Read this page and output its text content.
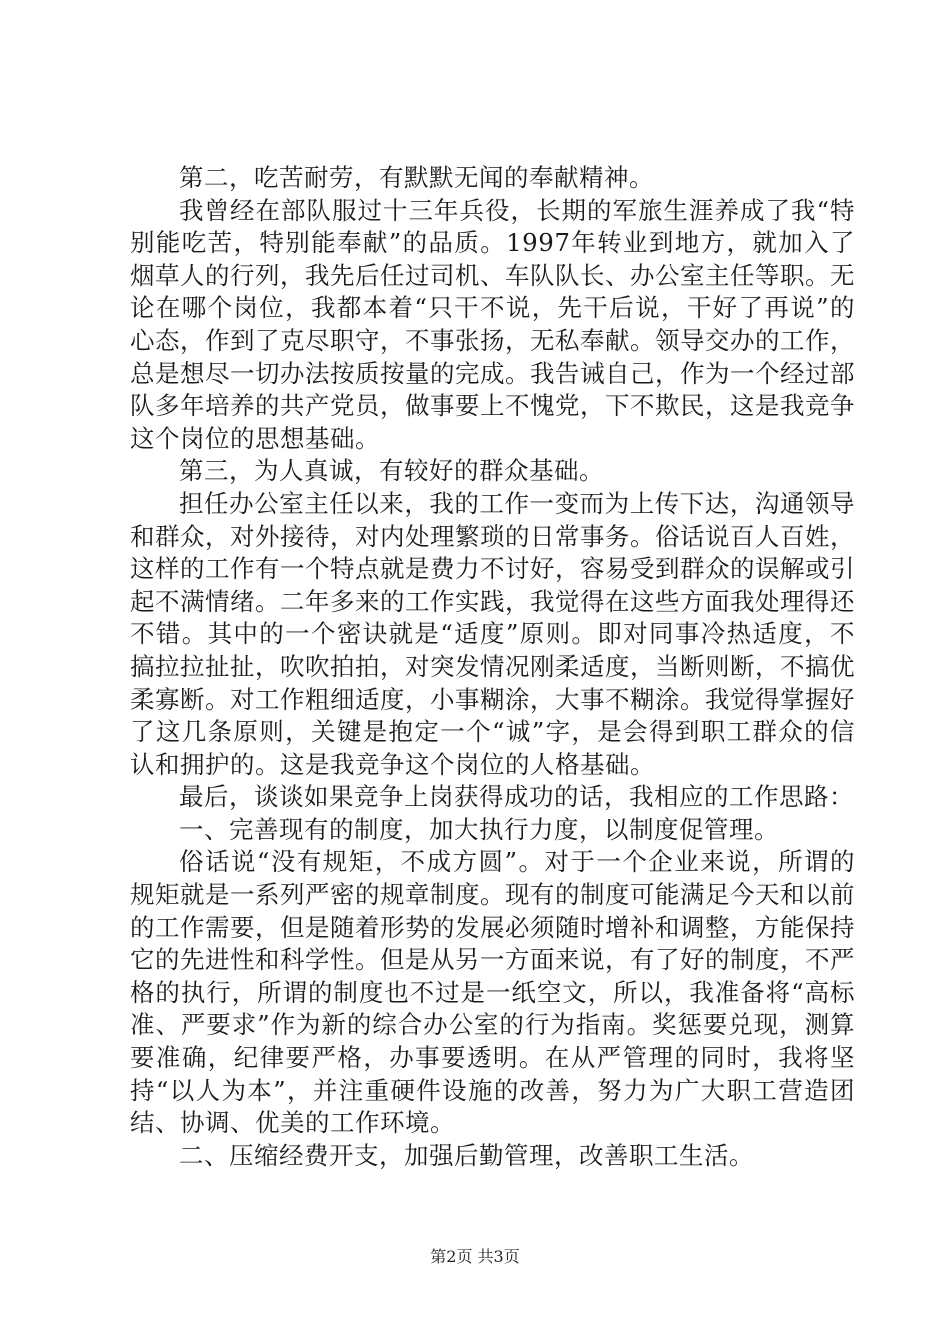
第二，吃苦耐劳，有默默无闻的奉献精神。

我曾经在部队服过十三年兵役，长期的军旅生涯养成了我“特别能吃苦，特别能奉献”的品质。1997年转业到地方，就加入了烟草人的行列，我先后任过司机、车队队长、办公室主任等职。无论在哪个岗位，我都本着“只干不说，先干后说，干好了再说”的心态，作到了克尽职守，不事张扬，无私奉献。领导交办的工作，总是想尽一切办法按质按量的完成。我告诫自己，作为一个经过部队多年培养的共产党员，做事要上不愧党，下不欺民，这是我竞争这个岗位的思想基础。

第三，为人真诚，有较好的群众基础。

担任办公室主任以来，我的工作一变而为上传下达，沟通领导和群众，对外接待，对内处理繁琐的日常事务。俗话说百人百姓，这样的工作有一个特点就是费力不讨好，容易受到群众的误解或引起不满情绪。二年多来的工作实践，我觉得在这些方面我处理得还不错。其中的一个密诀就是“适度”原则。即对同事冷热适度，不搞拉拉扯扯，吹吹拍拍，对突发情况刚柔适度，当断则断，不搞优柔寡断。对工作粗细适度，小事糊涂，大事不糊涂。我觉得掌握好了这几条原则，关键是抱定一个“诚”字，是会得到职工群众的信认和拥护的。这是我竞争这个岗位的人格基础。

最后，谈谈如果竞争上岗获得成功的话，我相应的工作思路：

一、完善现有的制度，加大执行力度，以制度促管理。

俗话说“没有规矩，不成方圆”。对于一个企业来说，所谓的规矩就是一系列严密的规章制度。现有的制度可能满足今天和以前的工作需要，但是随着形势的发展必须随时增补和调整，方能保持它的先进性和科学性。但是从另一方面来说，有了好的制度，不严格的执行，所谓的制度也不过是一纸空文，所以，我准备将“高标准、严要求”作为新的综合办公室的行为指南。奖惩要兑现，测算要准确，纪律要严格，办事要透明。在从严管理的同时，我将坚持“以人为本”，并注重硬件设施的改善，努力为广大职工营造团结、协调、优美的工作环境。

二、压缩经费开支，加强后勤管理，改善职工生活。

第2页 共3页
